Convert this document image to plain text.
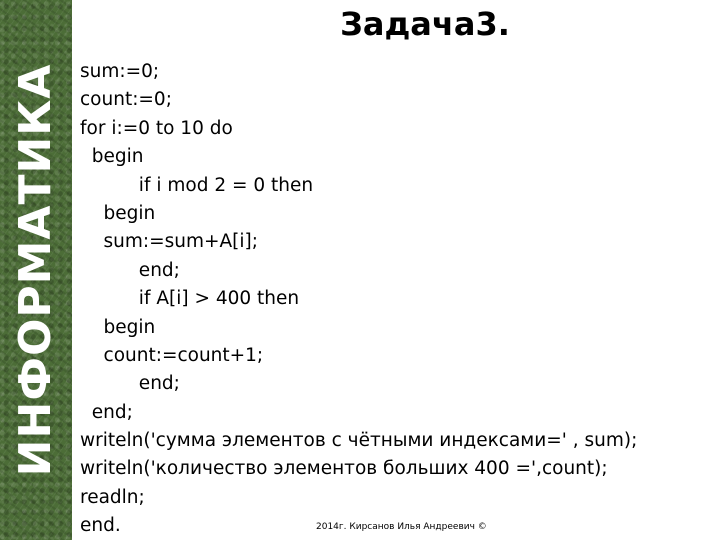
ИНФОРМАТИКА
Задача3.
sum:=0;
count:=0;
for i:=0 to 10 do
begin
if i mod 2 = 0 then
begin
sum:=sum+A[i];
end;
if A[i] > 400 then
begin
count:=count+1;
end;
end;
writeln('сумма элементов с чётными индексами=' , sum);
writeln('количество элементов больших 400 =',count);
readln;
end.	2014г. Кирсанов Илья Андреевич ©
